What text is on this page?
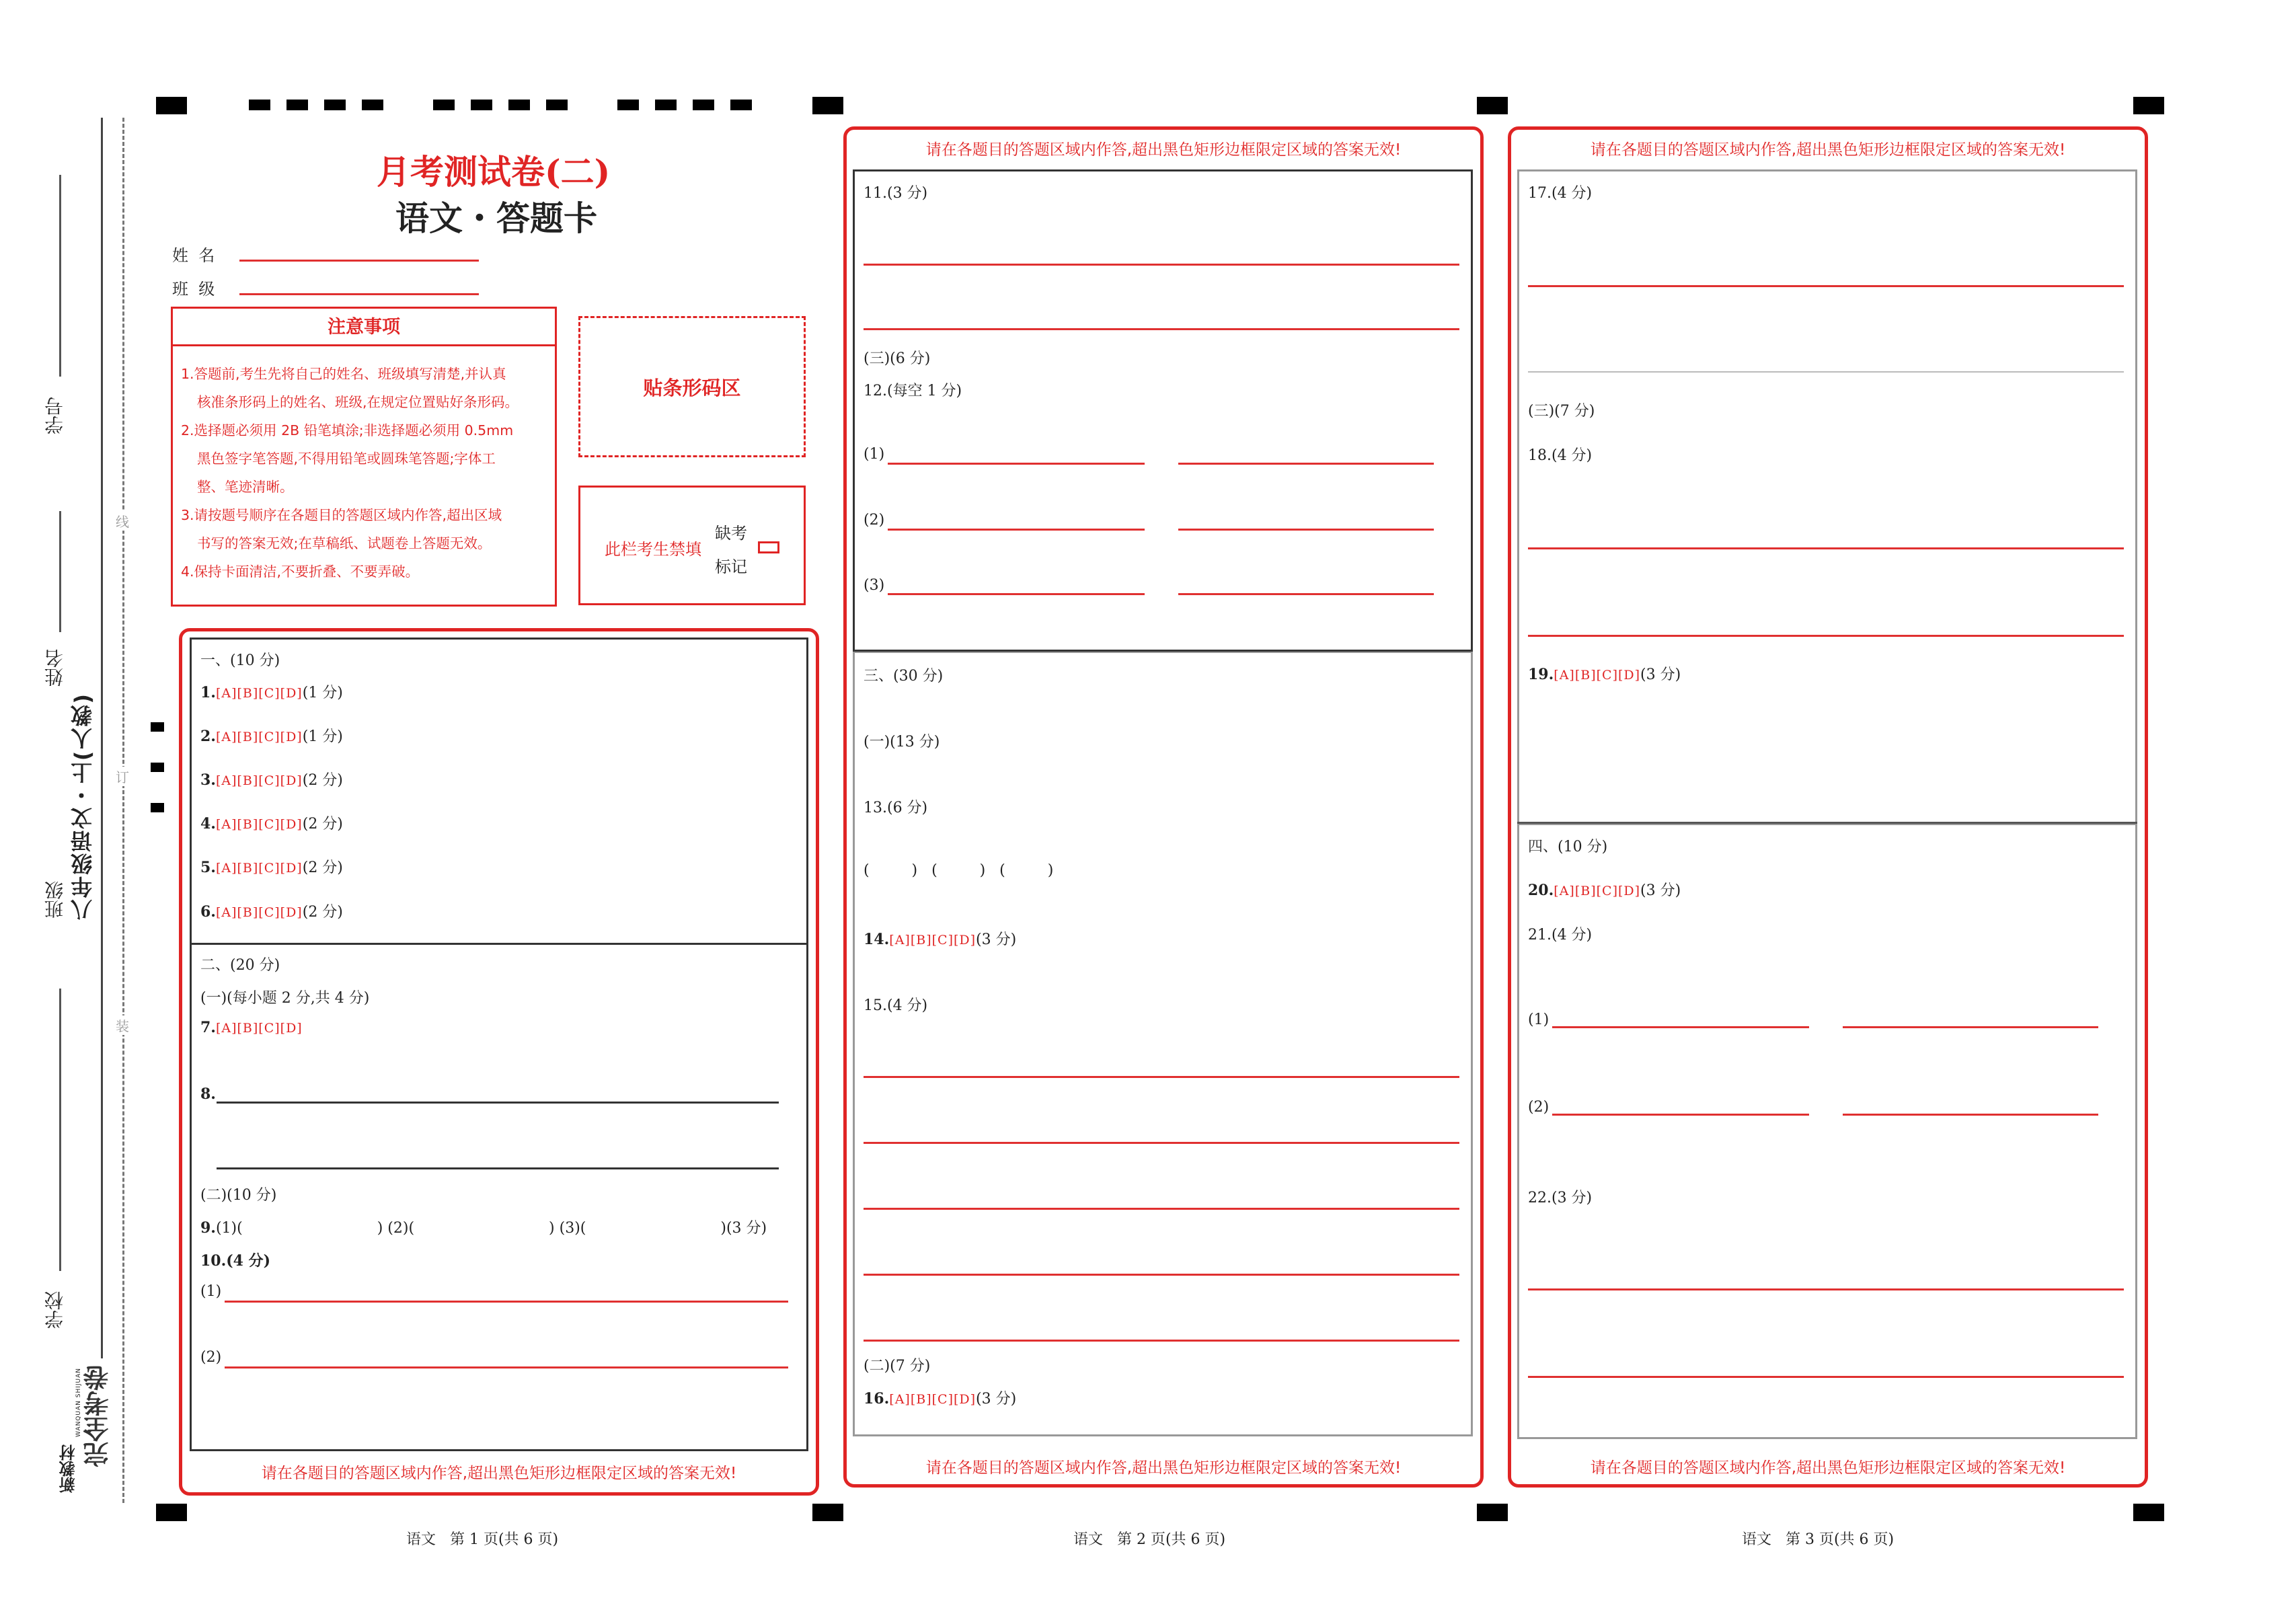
线
订
装
学号
姓名
八年级语文・上(人教)
班级
学校
新教材
WANQUAN SHIJUAN 完全考卷
月考测试卷(二)
语文・答题卡
姓  名
班  级
注意事项
1.答题前,考生先将自己的姓名、班级填写清楚,并认真
核准条形码上的姓名、班级,在规定位置贴好条形码。
2.选择题必须用 2B 铅笔填涂;非选择题必须用 0.5mm
黑色签字笔答题,不得用铅笔或圆珠笔答题;字体工
整、笔迹清晰。
3.请按题号顺序在各题目的答题区域内作答,超出区域
书写的答案无效;在草稿纸、试题卷上答题无效。
4.保持卡面清洁,不要折叠、不要弄破。
贴条形码区
此栏考生禁填
缺考
标记
一、(10 分)
1.[A][B][C][D](1 分)
2.[A][B][C][D](1 分)
3.[A][B][C][D](2 分)
4.[A][B][C][D](2 分)
5.[A][B][C][D](2 分)
6.[A][B][C][D](2 分)
二、(20 分)
(一)(每小题 2 分,共 4 分)
7.[A][B][C][D]
8.
(二)(10 分)
9.(1)(	) (2)(	) (3)(	)(3 分)
10.(4 分)
(1)
(2)
请在各题目的答题区域内作答,超出黑色矩形边框限定区域的答案无效!
语文   第 1 页(共 6 页)
请在各题目的答题区域内作答,超出黑色矩形边框限定区域的答案无效!
11.(3 分)
(三)(6 分)
12.(每空 1 分)
(1)
(2)
(3)
三、(30 分)
(一)(13 分)
13.(6 分)
(         )   (         )   (         )
14.[A][B][C][D](3 分)
15.(4 分)
(二)(7 分)
16.[A][B][C][D](3 分)
请在各题目的答题区域内作答,超出黑色矩形边框限定区域的答案无效!
语文   第 2 页(共 6 页)
请在各题目的答题区域内作答,超出黑色矩形边框限定区域的答案无效!
17.(4 分)
(三)(7 分)
18.(4 分)
19.[A][B][C][D](3 分)
四、(10 分)
20.[A][B][C][D](3 分)
21.(4 分)
(1)
(2)
22.(3 分)
请在各题目的答题区域内作答,超出黑色矩形边框限定区域的答案无效!
语文   第 3 页(共 6 页)
